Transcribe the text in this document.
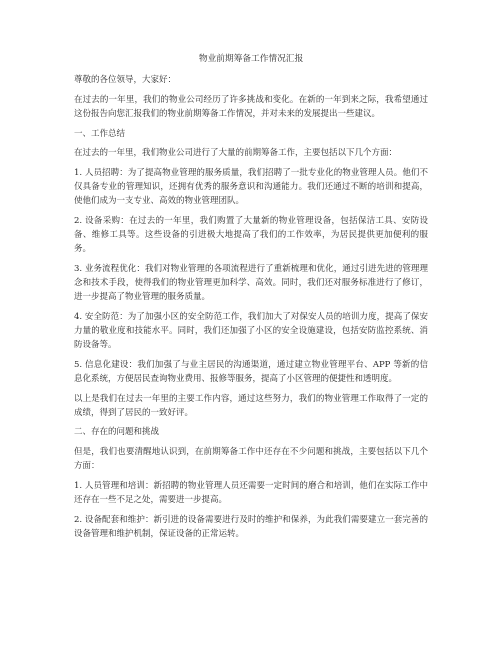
物业前期筹备工作情况汇报
尊敬的各位领导，大家好：
在过去的一年里，我们的物业公司经历了许多挑战和变化。在新的一年到来之际，我希望通过这份报告向您汇报我们的物业前期筹备工作情况，并对未来的发展提出一些建议。
一、工作总结
在过去的一年里，我们物业公司进行了大量的前期筹备工作，主要包括以下几个方面：
1. 人员招聘：为了提高物业管理的服务质量，我们招聘了一批专业化的物业管理人员。他们不仅具备专业的管理知识，还拥有优秀的服务意识和沟通能力。我们还通过不断的培训和提高，使他们成为一支专业、高效的物业管理团队。
2. 设备采购：在过去的一年里，我们购置了大量新的物业管理设备，包括保洁工具、安防设备、维修工具等。这些设备的引进极大地提高了我们的工作效率，为居民提供更加便利的服务。
3. 业务流程优化：我们对物业管理的各项流程进行了重新梳理和优化，通过引进先进的管理理念和技术手段，使得我们的物业管理更加科学、高效。同时，我们还对服务标准进行了修订，进一步提高了物业管理的服务质量。
4. 安全防范：为了加强小区的安全防范工作，我们加大了对保安人员的培训力度，提高了保安力量的敬业度和技能水平。同时，我们还加强了小区的安全设施建设，包括安防监控系统、消防设备等。
5. 信息化建设：我们加强了与业主居民的沟通渠道，通过建立物业管理平台、APP 等新的信息化系统，方便居民查询物业费用、报修等服务，提高了小区管理的便捷性和透明度。
以上是我们在过去一年里的主要工作内容，通过这些努力，我们的物业管理工作取得了一定的成绩，得到了居民的一致好评。
二、存在的问题和挑战
但是，我们也要清醒地认识到，在前期筹备工作中还存在不少问题和挑战，主要包括以下几个方面：
1. 人员管理和培训：新招聘的物业管理人员还需要一定时间的磨合和培训，他们在实际工作中还存在一些不足之处，需要进一步提高。
2. 设备配套和维护：新引进的设备需要进行及时的维护和保养，为此我们需要建立一套完善的设备管理和维护机制，保证设备的正常运转。
